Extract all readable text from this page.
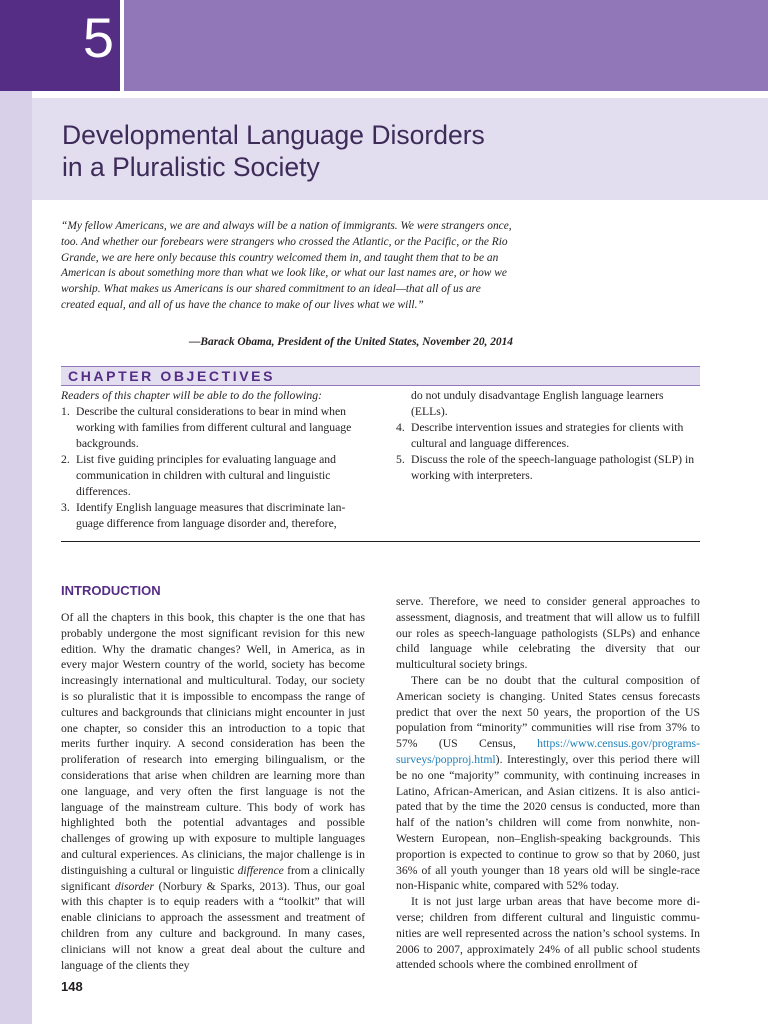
5
Developmental Language Disorders
in a Pluralistic Society

“My fellow Americans, we are and always will be a nation of immigrants. We were strangers once, too. And whether our forebears were strangers who crossed the Atlantic, or the Pacific, or the Rio Grande, we are here only because this country welcomed them in, and taught them that to be an American is about something more than what we look like, or what our last names are, or how we worship. What makes us Americans is our shared commitment to an ideal—that all of us are created equal, and all of us have the chance to make of our lives what we will.”

—Barack Obama, President of the United States, November 20, 2014
CHAPTER OBJECTIVES
Readers of this chapter will be able to do the following:
1. Describe the cultural considerations to bear in mind when working with families from different cultural and language backgrounds.
2. List five guiding principles for evaluating language and communication in children with cultural and linguistic differences.
3. Identify English language measures that discriminate language difference from language disorder and, therefore,
do not unduly disadvantage English language learners (ELLs).
4. Describe intervention issues and strategies for clients with cultural and language differences.
5. Discuss the role of the speech-language pathologist (SLP) in working with interpreters.
INTRODUCTION

Of all the chapters in this book, this chapter is the one that has probably undergone the most significant revision for this new edition. Why the dramatic changes? Well, in America, as in every major Western country of the world, society has become increasingly international and multicultural. Today, our society is so pluralistic that it is impossible to encompass the range of cultures and backgrounds that clinicians might encounter in just one chapter, so consider this an introduction to a topic that merits further inquiry. A second consideration has been the proliferation of research into emerging bilingualism, or the considerations that arise when children are learning more than one language, and very often the first language is not the language of the mainstream culture. This body of work has highlighted both the potential advantages and possible challenges of growing up with exposure to multiple languages and cultural experiences. As clinicians, the major challenge is in distinguishing a cultural or linguistic difference from a clinically significant disorder (Norbury & Sparks, 2013). Thus, our goal with this chapter is to equip readers with a “toolkit” that will enable clinicians to approach the assessment and treatment of children from any culture and background. In many cases, clinicians will not know a great deal about the culture and language of the clients they

serve. Therefore, we need to consider general approaches to assessment, diagnosis, and treatment that will allow us to fulfill our roles as speech-language pathologists (SLPs) and enhance child language while celebrating the diversity that our multicultural society brings.

There can be no doubt that the cultural composition of American society is changing. United States census forecasts predict that over the next 50 years, the proportion of the US population from “minority” communities will rise from 37% to 57% (US Census, https://www.census.gov/programs-surveys/popproj.html). Interestingly, over this period there will be no one “majority” community, with continuing increases in Latino, African-American, and Asian citizens. It is also anticipated that by the time the 2020 census is conducted, more than half of the nation’s children will come from nonwhite, non-Western European, non–English-speaking backgrounds. This proportion is expected to continue to grow so that by 2060, just 36% of all youth younger than 18 years old will be single-race non-Hispanic white, compared with 52% today.

It is not just large urban areas that have become more diverse; children from different cultural and linguistic communities are well represented across the nation’s school systems. In 2006 to 2007, approximately 24% of all public school students attended schools where the combined enrollment of

148
